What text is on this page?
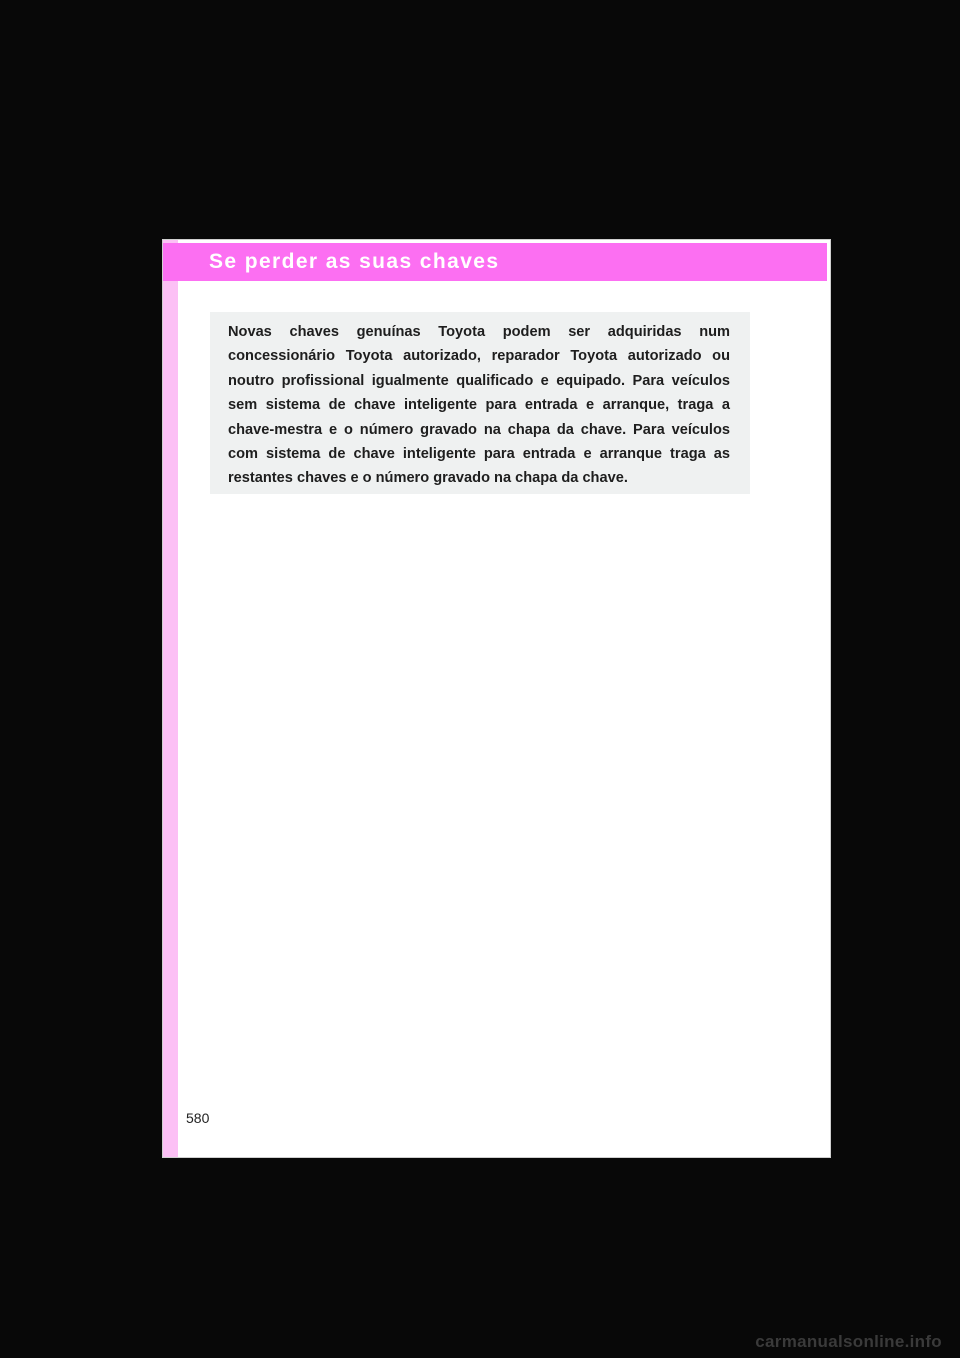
Se perder as suas chaves

Novas chaves genuínas Toyota podem ser adquiridas num concessionário Toyota autorizado, reparador Toyota autorizado ou noutro profissional igualmente qualificado e equipado. Para veículos sem sistema de chave inteligente para entrada e arranque, traga a chave-mestra e o número gravado na chapa da chave. Para veículos com sistema de chave inteligente para entrada e arranque traga as restantes chaves e o número gravado na chapa da chave.

580
carmanualsonline.info
